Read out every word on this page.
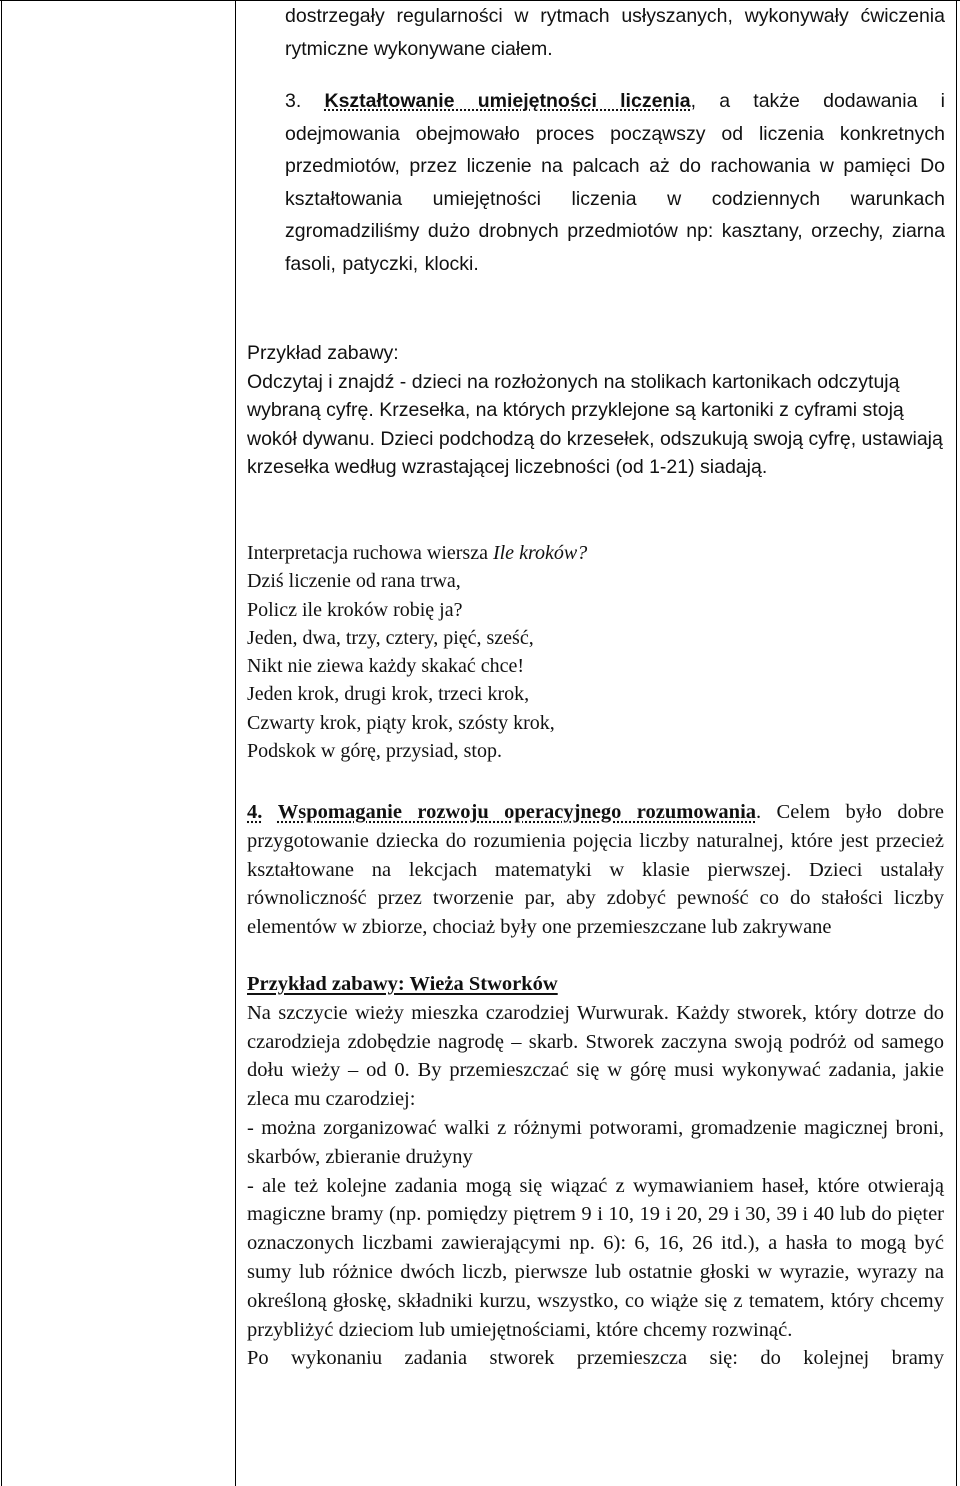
dostrzegały regularności w rytmach usłyszanych, wykonywały ćwiczenia rytmiczne wykonywane ciałem.

3. Kształtowanie umiejętności liczenia, a także dodawania i odejmowania obejmowało proces począwszy od liczenia konkretnych przedmiotów, przez liczenie na palcach aż do rachowania w pamięci Do kształtowania umiejętności liczenia w codziennych warunkach zgromadziliśmy dużo drobnych przedmiotów np: kasztany, orzechy, ziarna fasoli, patyczki, klocki.

Przykład zabawy:

Odczytaj i znajdź - dzieci na rozłożonych na stolikach kartonikach odczytują wybraną cyfrę. Krzesełka, na których przyklejone są kartoniki z cyframi stoją wokół dywanu. Dzieci podchodzą do krzesełek, odszukują swoją cyfrę, ustawiają krzesełka według wzrastającej liczebności (od 1-21) siadają.

Interpretacja ruchowa wiersza Ile kroków?

Dziś liczenie od rana trwa,

Policz ile kroków robię ja?

Jeden, dwa, trzy, cztery, pięć, sześć,

Nikt nie ziewa każdy skakać chce!

Jeden krok, drugi krok, trzeci krok,

Czwarty krok, piąty krok, szósty krok,

Podskok w górę, przysiad, stop.

4. Wspomaganie rozwoju operacyjnego rozumowania. Celem było dobre przygotowanie dziecka do rozumienia pojęcia liczby naturalnej, które jest przecież kształtowane na lekcjach matematyki w klasie pierwszej. Dzieci ustalały równoliczność przez tworzenie par, aby zdobyć pewność co do stałości liczby elementów w zbiorze, chociaż były one przemieszczane lub zakrywane

Przykład zabawy: Wieża Stworków

Na szczycie wieży mieszka czarodziej Wurwurak. Każdy stworek, który dotrze do czarodzieja zdobędzie nagrodę – skarb. Stworek zaczyna swoją podróż od samego dołu wieży – od 0. By przemieszczać się w górę musi wykonywać zadania, jakie zleca mu czarodziej:

- można zorganizować walki z różnymi potworami, gromadzenie magicznej broni, skarbów, zbieranie drużyny

- ale też kolejne zadania mogą się wiązać z wymawianiem haseł, które otwierają magiczne bramy (np. pomiędzy piętrem 9 i 10, 19 i 20, 29 i 30, 39 i 40 lub do pięter oznaczonych liczbami zawierającymi np. 6): 6, 16, 26 itd.), a hasła to mogą być sumy lub różnice dwóch liczb, pierwsze lub ostatnie głoski w wyrazie, wyrazy na określoną głoskę, składniki kurzu, wszystko, co wiąże się z tematem, który chcemy przybliżyć dzieciom lub umiejętnościami, które chcemy rozwinąć.

Po wykonaniu zadania stworek przemieszcza się: do kolejnej bramy
